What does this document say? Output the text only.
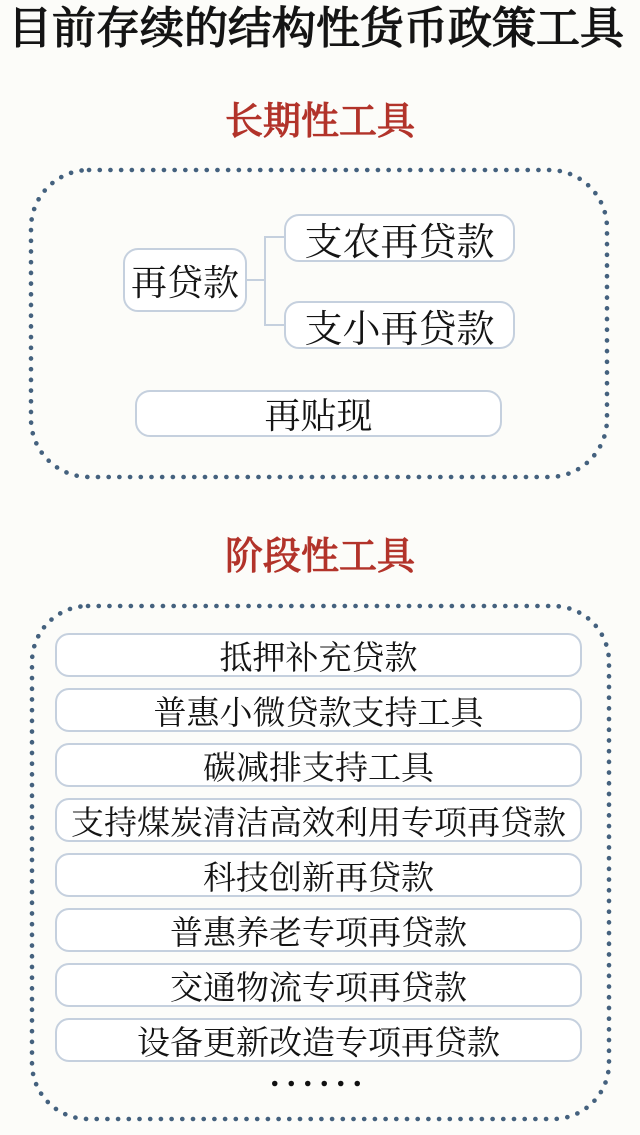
目前存续的结构性货币政策工具
长期性工具
再贷款
支农再贷款
支小再贷款
再贴现
阶段性工具
抵押补充贷款
普惠小微贷款支持工具
碳减排支持工具
支持煤炭清洁高效利用专项再贷款
科技创新再贷款
普惠养老专项再贷款
交通物流专项再贷款
设备更新改造专项再贷款
......
